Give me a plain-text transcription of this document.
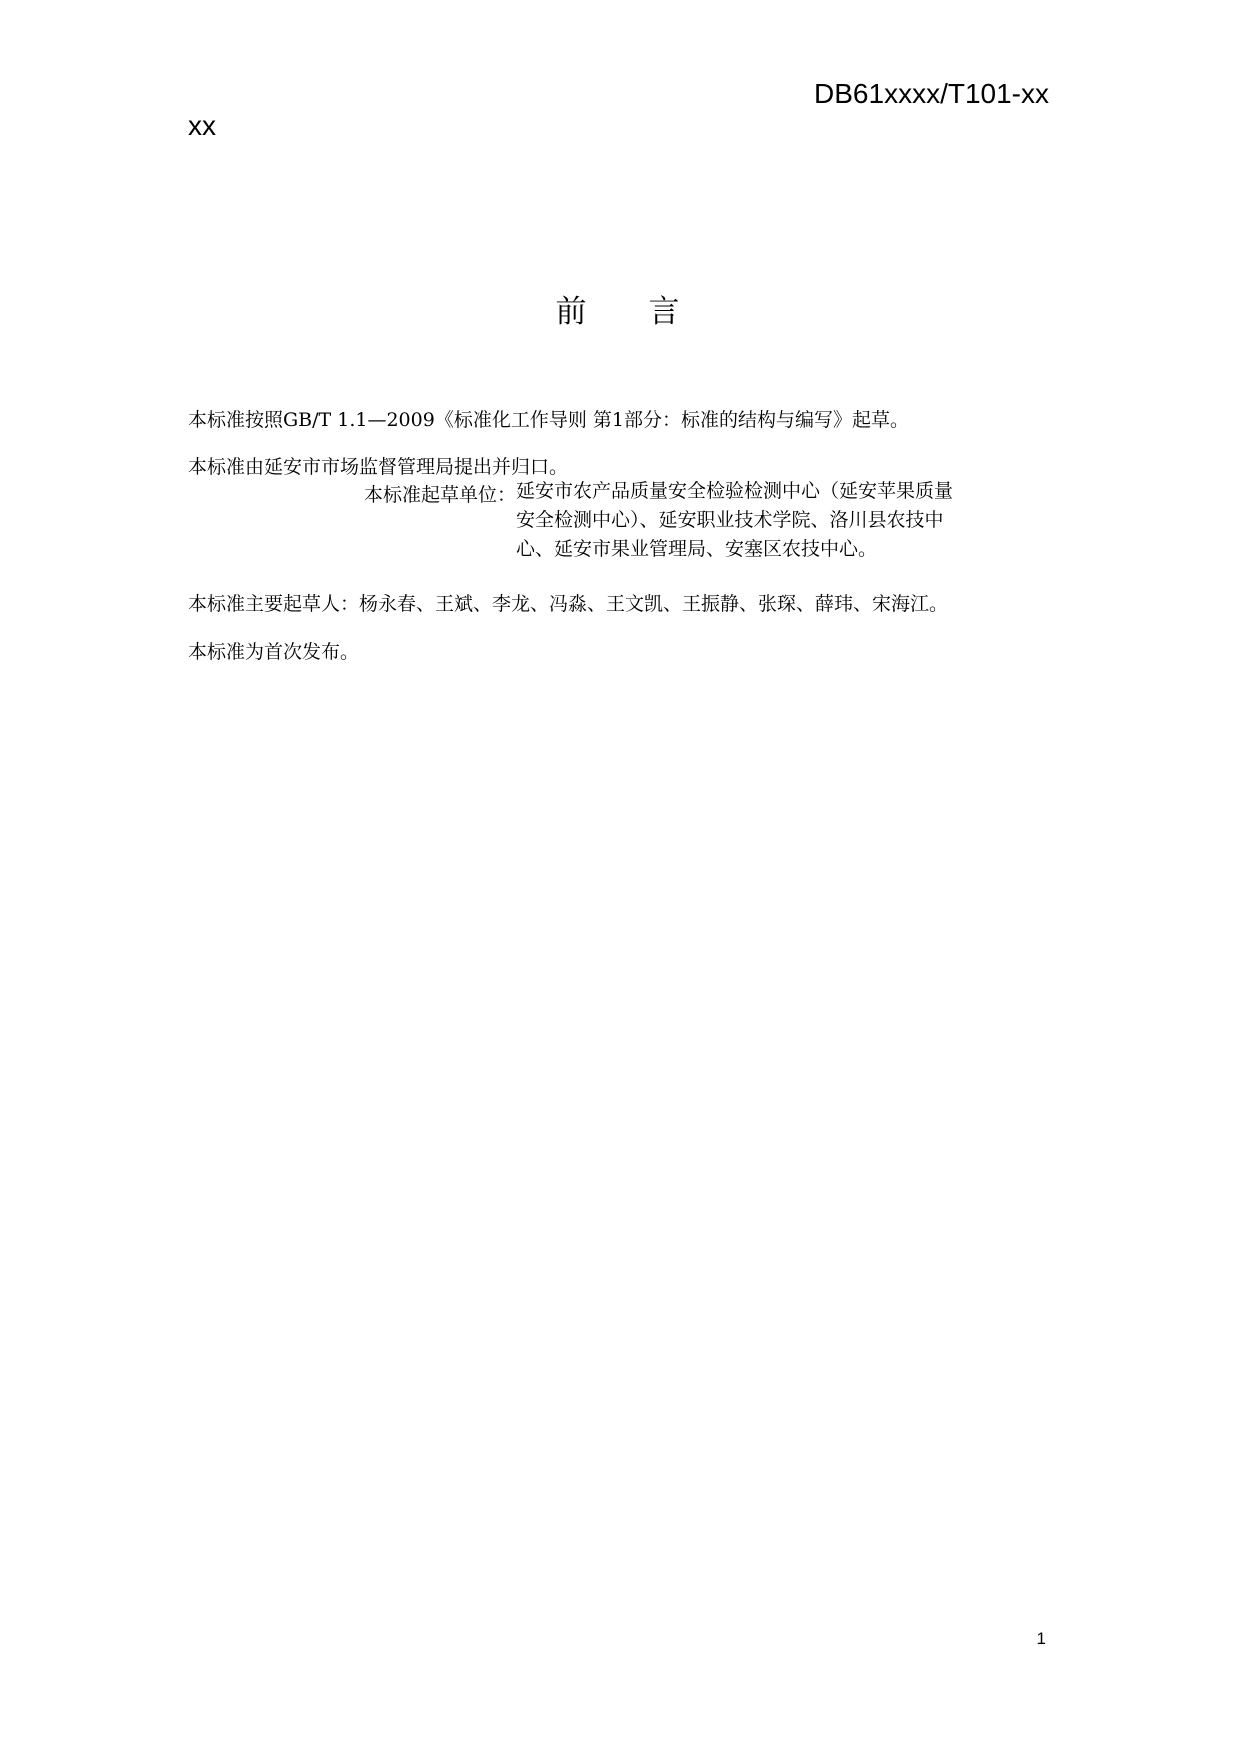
DB61xxxx/T101-xx
xx
前　　言
本标准按照GB/T 1.1—2009《标准化工作导则 第1部分：标准的结构与编写》起草。
本标准由延安市市场监督管理局提出并归口。
本标准起草单位： 延安市农产品质量安全检验检测中心（延安苹果质量
安全检测中心）、延安职业技术学院、洛川县农技中
心、延安市果业管理局、安塞区农技中心。
本标准主要起草人：杨永春、王斌、李龙、冯淼、王文凯、王振静、张琛、薛玮、宋海江。
本标准为首次发布。
1
